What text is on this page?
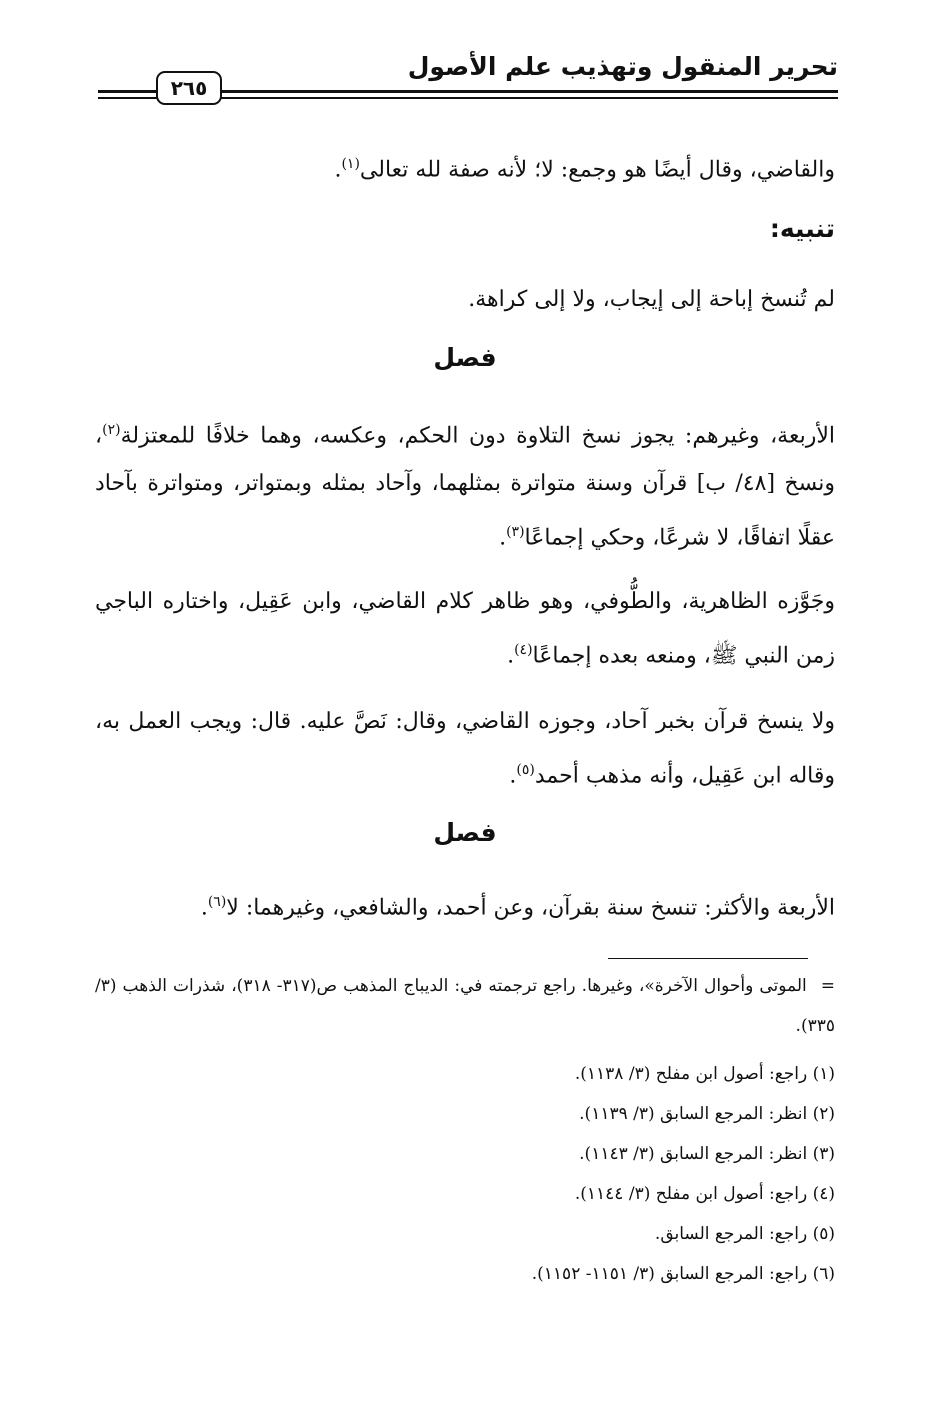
تحرير المنقول وتهذيب علم الأصول
٢٦٥
والقاضي، وقال أيضًا هو وجمع: لا؛ لأنه صفة لله تعالى$^{(١)}$.
تنبيه:
لم تُنسخ إباحة إلى إيجاب، ولا إلى كراهة.
فصل
الأربعة، وغيرهم: يجوز نسخ التلاوة دون الحكم، وعكسه، وهما خلافًا للمعتزلة$^{(٢)}$، ونسخ [٤٨/ ب] قرآن وسنة متواترة بمثلهما، وآحاد بمثله وبمتواتر، ومتواترة بآحاد عقلًا اتفاقًا، لا شرعًا، وحكي إجماعًا$^{(٣)}$.
وجَوَّزه الظاهرية، والطُّوفي، وهو ظاهر كلام القاضي، وابن عَقِيل، واختاره الباجي زمن النبي ﷺ، ومنعه بعده إجماعًا$^{(٤)}$.
ولا ينسخ قرآن بخبر آحاد، وجوزه القاضي، وقال: نَصَّ عليه. قال: ويجب العمل به، وقاله ابن عَقِيل، وأنه مذهب أحمد$^{(٥)}$.
فصل
الأربعة والأكثر: تنسخ سنة بقرآن، وعن أحمد، والشافعي، وغيرهما: لا$^{(٦)}$.
=الموتى وأحوال الآخرة»، وغيرها. راجع ترجمته في: الديباج المذهب ص(٣١٧- ٣١٨)، شذرات الذهب (٣/ ٣٣٥).
(١) راجع: أصول ابن مفلح (٣/ ١١٣٨).
(٢) انظر: المرجع السابق (٣/ ١١٣٩).
(٣) انظر: المرجع السابق (٣/ ١١٤٣).
(٤) راجع: أصول ابن مفلح (٣/ ١١٤٤).
(٥) راجع: المرجع السابق.
(٦) راجع: المرجع السابق (٣/ ١١٥١- ١١٥٢).
